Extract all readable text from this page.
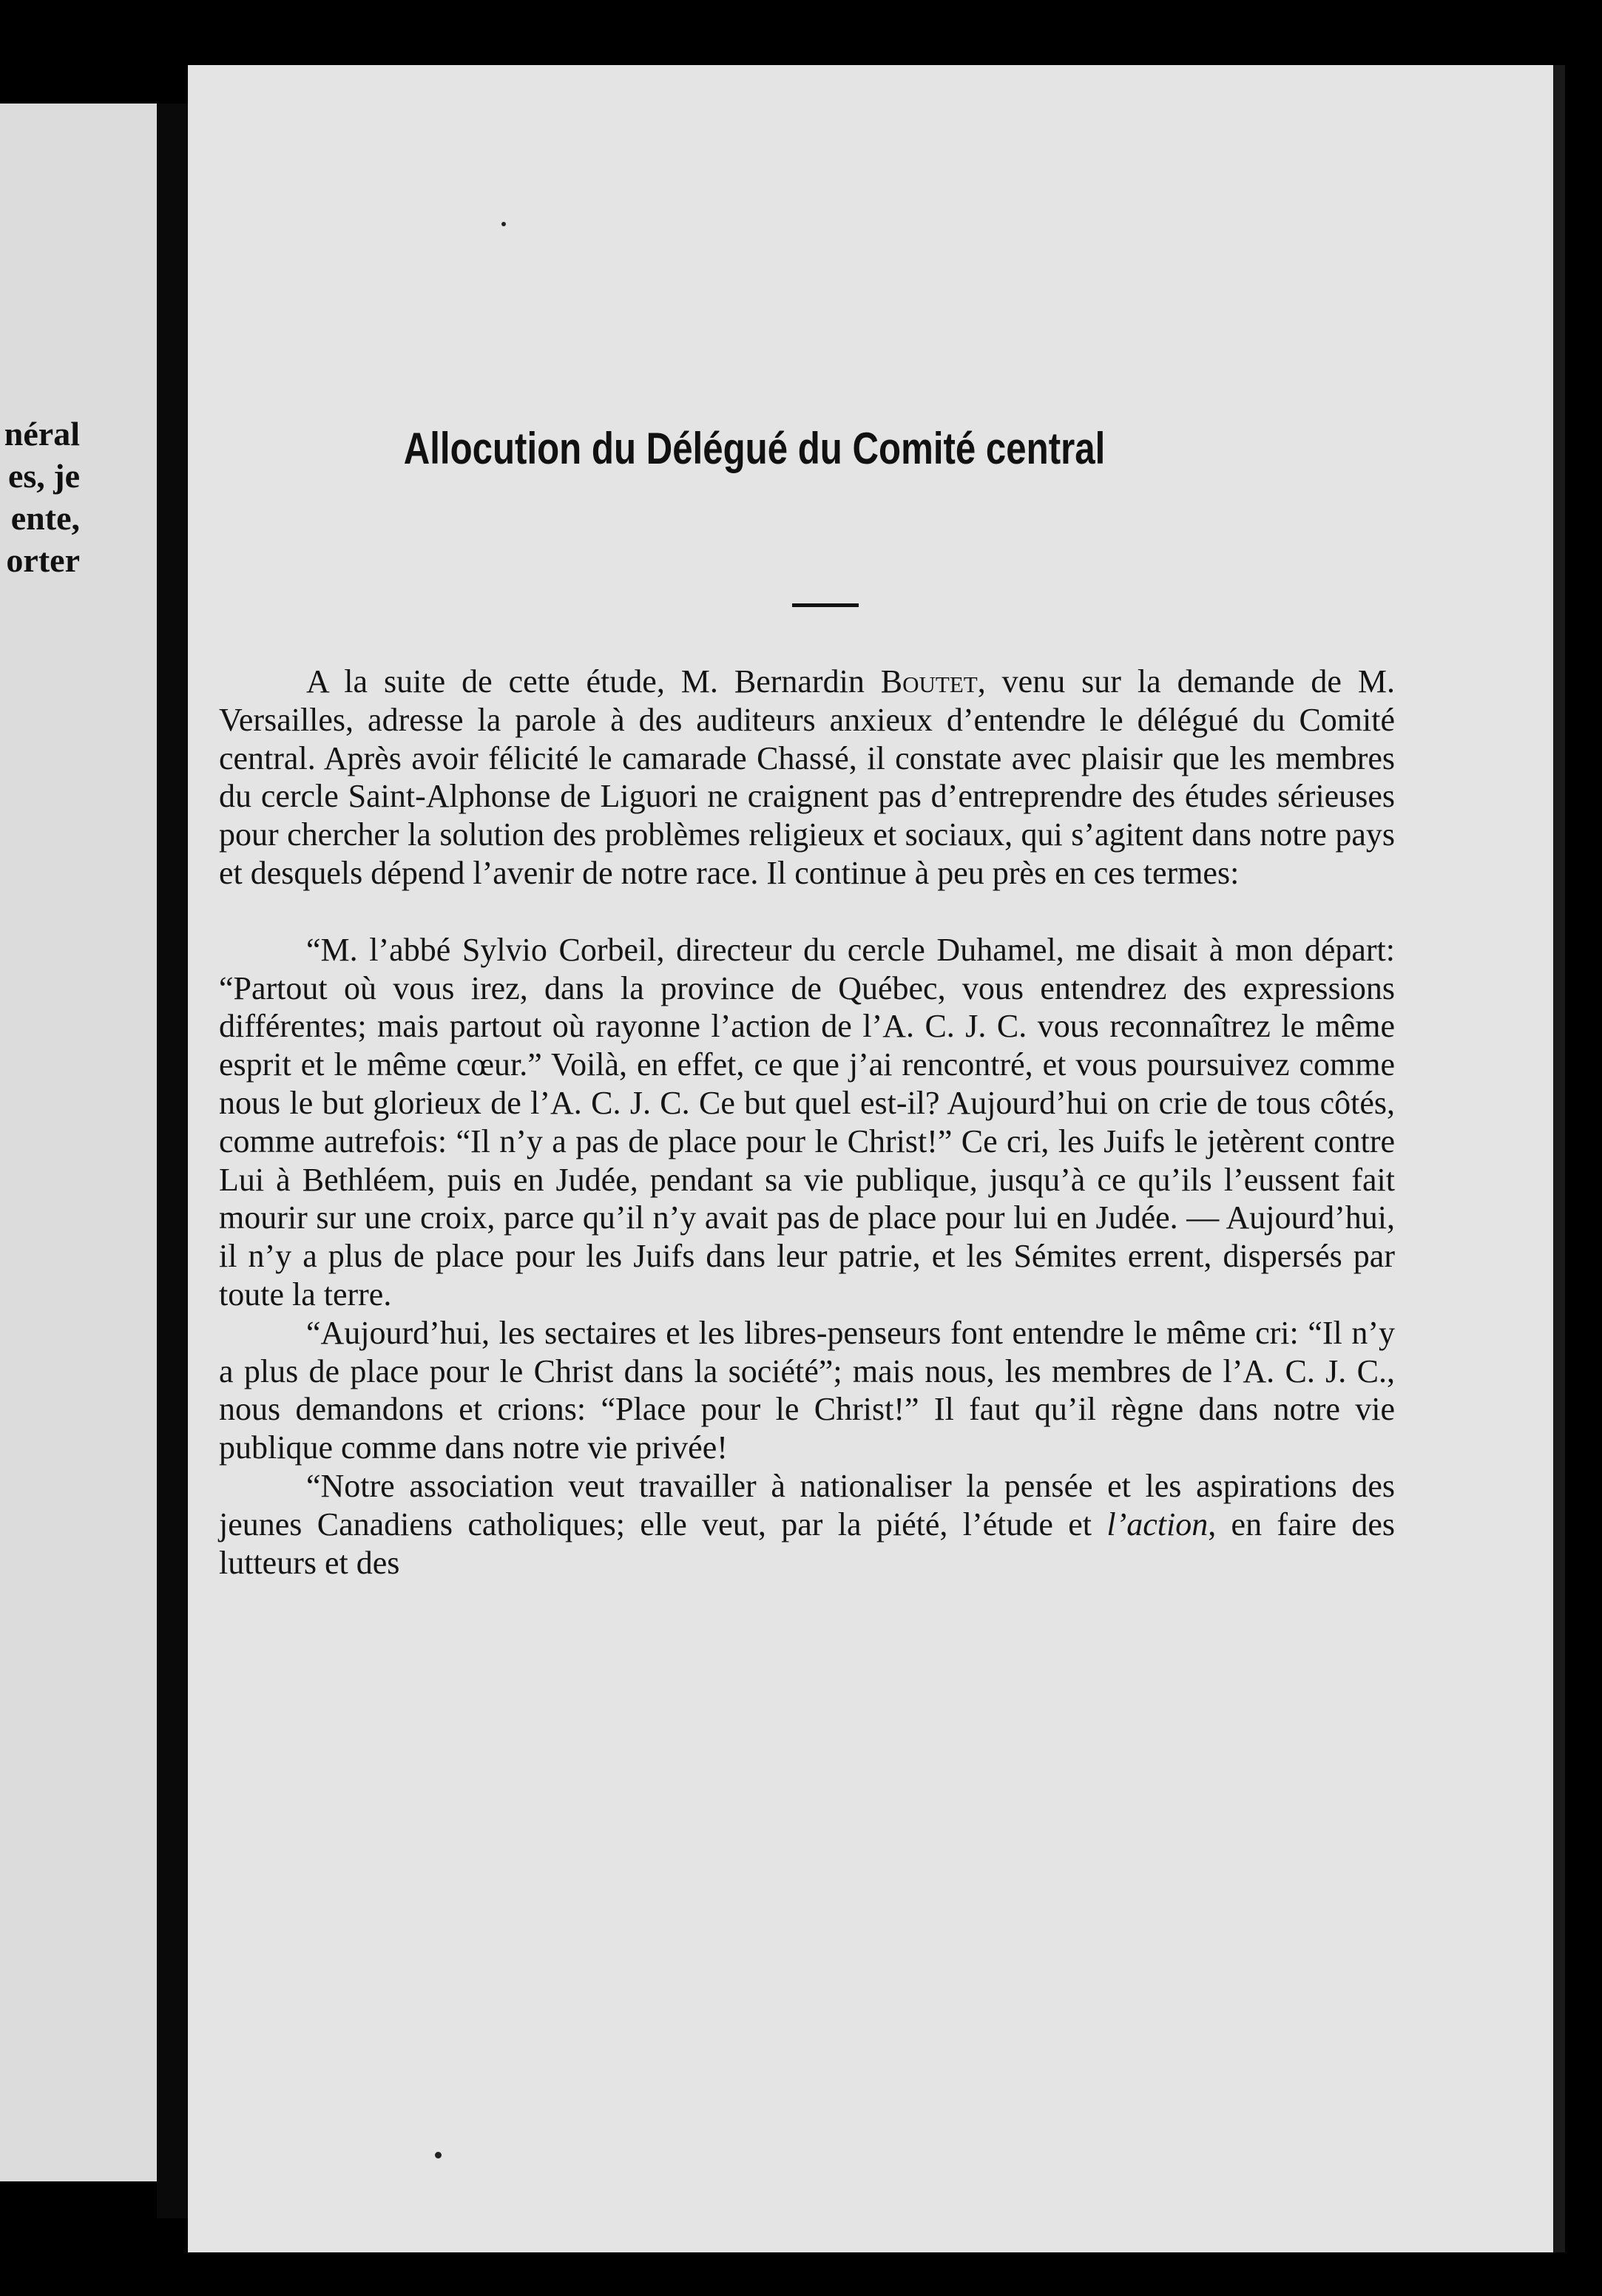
néral
es, je
ente,
orter
Allocution du Délégué du Comité central

A la suite de cette étude, M. Bernardin Boutet, venu sur la demande de M. Versailles, adresse la parole à des auditeurs anxieux d’entendre le délégué du Comité central. Après avoir félicité le camarade Chassé, il constate avec plaisir que les membres du cercle Saint-Alphonse de Liguori ne craignent pas d’entreprendre des études sérieuses pour chercher la solution des problèmes religieux et sociaux, qui s’agitent dans notre pays et desquels dépend l’avenir de notre race. Il continue à peu près en ces termes:

“M. l’abbé Sylvio Corbeil, directeur du cercle Duhamel, me disait à mon départ: “Partout où vous irez, dans la province de Québec, vous entendrez des expressions différentes; mais partout où rayonne l’action de l’A. C. J. C. vous reconnaîtrez le même esprit et le même cœur.” Voilà, en effet, ce que j’ai rencontré, et vous poursuivez comme nous le but glorieux de l’A. C. J. C. Ce but quel est-il? Aujourd’hui on crie de tous côtés, comme autrefois: “Il n’y a pas de place pour le Christ!” Ce cri, les Juifs le jetèrent contre Lui à Bethléem, puis en Judée, pendant sa vie publique, jusqu’à ce qu’ils l’eussent fait mourir sur une croix, parce qu’il n’y avait pas de place pour lui en Judée. — Aujourd’hui, il n’y a plus de place pour les Juifs dans leur patrie, et les Sémites errent, dispersés par toute la terre.

“Aujourd’hui, les sectaires et les libres-penseurs font entendre le même cri: “Il n’y a plus de place pour le Christ dans la société”; mais nous, les membres de l’A. C. J. C., nous demandons et crions: “Place pour le Christ!” Il faut qu’il règne dans notre vie publique comme dans notre vie privée!

“Notre association veut travailler à nationaliser la pensée et les aspirations des jeunes Canadiens catholiques; elle veut, par la piété, l’étude et l’action, en faire des lutteurs et des
